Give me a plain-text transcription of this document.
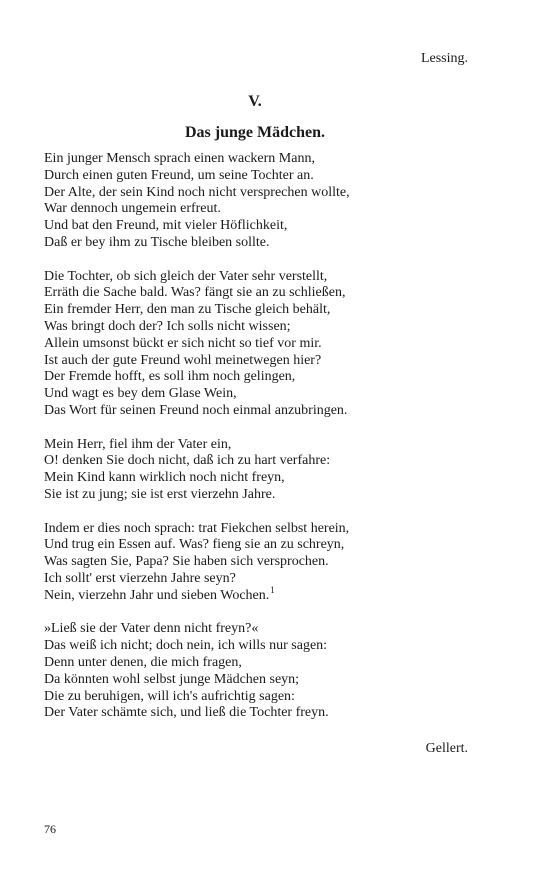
Lessing.
V.
Das junge Mädchen.
Ein junger Mensch sprach einen wackern Mann,
Durch einen guten Freund, um seine Tochter an.
Der Alte, der sein Kind noch nicht versprechen wollte,
War dennoch ungemein erfreut.
Und bat den Freund, mit vieler Höflichkeit,
Daß er bey ihm zu Tische bleiben sollte.
Die Tochter, ob sich gleich der Vater sehr verstellt,
Erräth die Sache bald. Was? fängt sie an zu schließen,
Ein fremder Herr, den man zu Tische gleich behält,
Was bringt doch der? Ich solls nicht wissen;
Allein umsonst bückt er sich nicht so tief vor mir.
Ist auch der gute Freund wohl meinetwegen hier?
Der Fremde hofft, es soll ihm noch gelingen,
Und wagt es bey dem Glase Wein,
Das Wort für seinen Freund noch einmal anzubringen.
Mein Herr, fiel ihm der Vater ein,
O! denken Sie doch nicht, daß ich zu hart verfahre:
Mein Kind kann wirklich noch nicht freyn,
Sie ist zu jung; sie ist erst vierzehn Jahre.
Indem er dies noch sprach: trat Fiekchen selbst herein,
Und trug ein Essen auf. Was? fieng sie an zu schreyn,
Was sagten Sie, Papa? Sie haben sich versprochen.
Ich sollt' erst vierzehn Jahre seyn?
Nein, vierzehn Jahr und sieben Wochen.$^1$
»Ließ sie der Vater denn nicht freyn?«
Das weiß ich nicht; doch nein, ich wills nur sagen:
Denn unter denen, die mich fragen,
Da könnten wohl selbst junge Mädchen seyn;
Die zu beruhigen, will ich's aufrichtig sagen:
Der Vater schämte sich, und ließ die Tochter freyn.
Gellert.
76
